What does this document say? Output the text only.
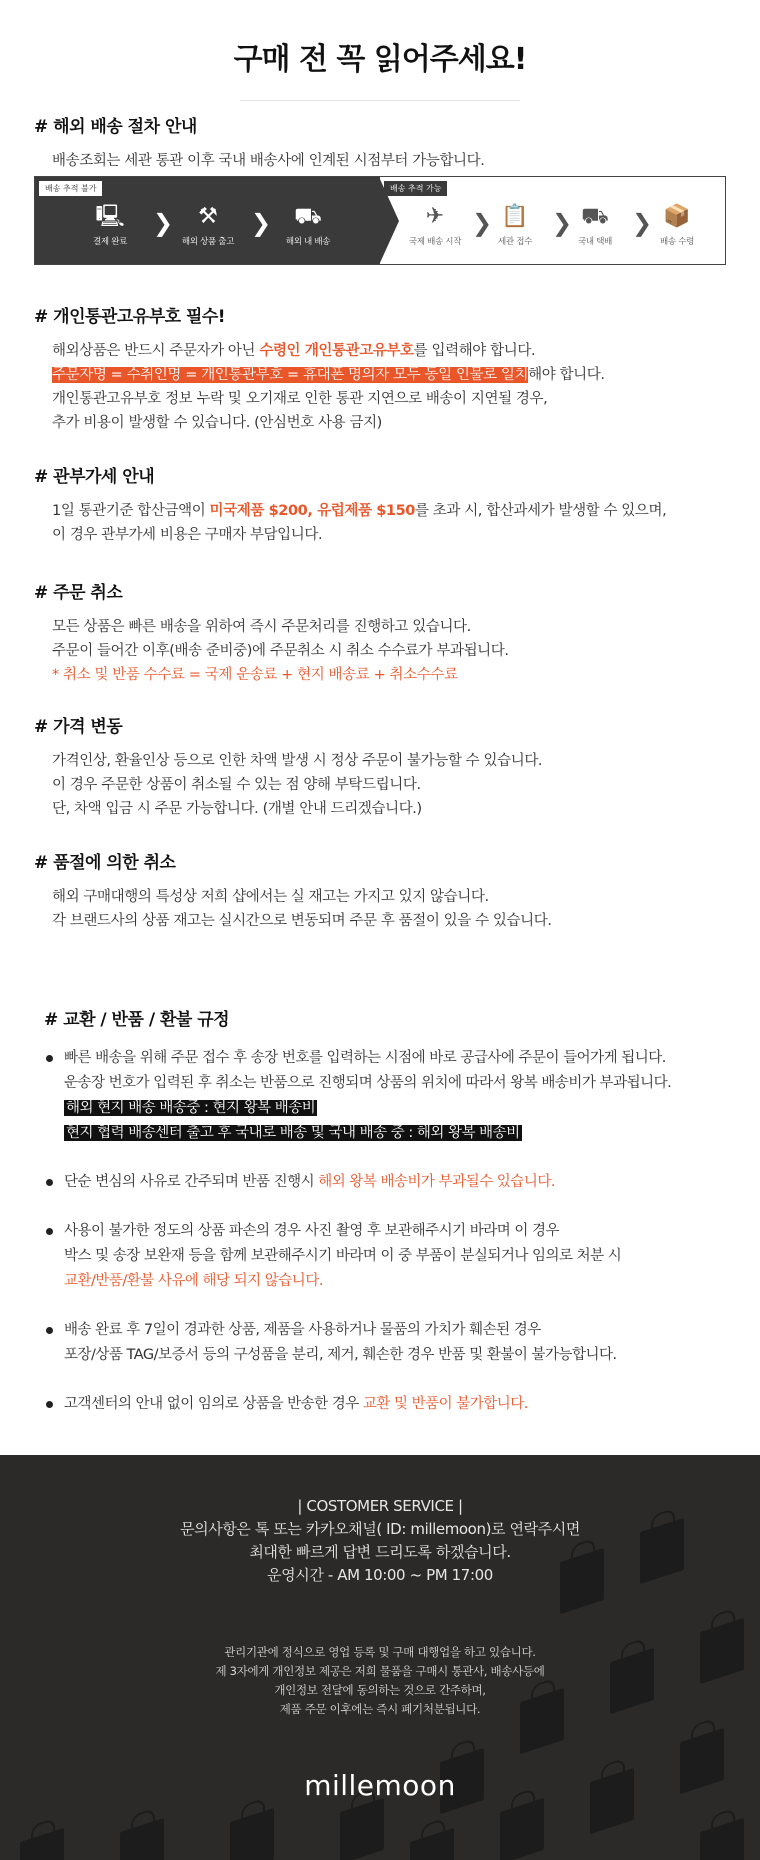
구매 전 꼭 읽어주세요!
# 해외 배송 절차 안내
배송조회는 세관 통관 이후 국내 배송사에 인계된 시점부터 가능합니다.
배송 추적 불가
🖳
결제 완료
❯	⚒
해외 상품 출고
❯	⛟
해외 내 배송
배송 추적 가능
✈
국제 배송 시작
❯ 📋
세관 접수
❯ ⛟
국내 택배
❯ 📦
배송 수령
# 개인통관고유부호 필수!
해외상품은 반드시 주문자가 아닌 수령인 개인통관고유부호를 입력해야 합니다.
주문자명 = 수취인명 = 개인통관부호 = 휴대폰 명의자 모두 동일 인물로 일치해야 합니다.
개인통관고유부호 정보 누락 및 오기재로 인한 통관 지연으로 배송이 지연될 경우,
추가 비용이 발생할 수 있습니다. (안심번호 사용 금지)
# 관부가세 안내
1일 통관기준 합산금액이 미국제품 $200, 유럽제품 $150를 초과 시, 합산과세가 발생할 수 있으며,
이 경우 관부가세 비용은 구매자 부담입니다.
# 주문 취소
모든 상품은 빠른 배송을 위하여 즉시 주문처리를 진행하고 있습니다.
주문이 들어간 이후(배송 준비중)에 주문취소 시 취소 수수료가 부과됩니다.
* 취소 및 반품 수수료 = 국제 운송료 + 현지 배송료 + 취소수수료
# 가격 변동
가격인상, 환율인상 등으로 인한 차액 발생 시 정상 주문이 불가능할 수 있습니다.
이 경우 주문한 상품이 취소될 수 있는 점 양해 부탁드립니다.
단, 차액 입금 시 주문 가능합니다. (개별 안내 드리겠습니다.)
# 품절에 의한 취소
해외 구매대행의 특성상 저희 샵에서는 실 재고는 가지고 있지 않습니다.
각 브랜드사의 상품 재고는 실시간으로 변동되며 주문 후 품절이 있을 수 있습니다.
# 교환 / 반품 / 환불 규정
빠른 배송을 위해 주문 접수 후 송장 번호를 입력하는 시점에 바로 공급사에 주문이 들어가게 됩니다.
운송장 번호가 입력된 후 취소는 반품으로 진행되며 상품의 위치에 따라서 왕복 배송비가 부과됩니다.
해외 현지 배송 배송중 : 현지 왕복 배송비
현지 협력 배송센터 출고 후 국내로 배송 및 국내 배송 중 : 해외 왕복 배송비
단순 변심의 사유로 간주되며 반품 진행시 해외 왕복 배송비가 부과될수 있습니다.
사용이 불가한 정도의 상품 파손의 경우 사진 촬영 후 보관해주시기 바라며 이 경우
박스 및 송장 보완재 등을 함께 보관해주시기 바라며 이 중 부품이 분실되거나 임의로 처분 시
교환/반품/환불 사유에 해당 되지 않습니다.
배송 완료 후 7일이 경과한 상품, 제품을 사용하거나 물품의 가치가 훼손된 경우
포장/상품 TAG/보증서 등의 구성품을 분리, 제거, 훼손한 경우 반품 및 환불이 불가능합니다.
고객센터의 안내 없이 임의로 상품을 반송한 경우 교환 및 반품이 불가합니다.
| COSTOMER SERVICE |
문의사항은 톡 또는 카카오채널( ID: millemoon)로 연락주시면
최대한 빠르게 답변 드리도록 하겠습니다.
운영시간 - AM 10:00 ~ PM 17:00
관리기관에 정식으로 영업 등록 및 구매 대행업을 하고 있습니다.
제 3자에게 개인정보 제공은 저희 물품을 구매시 통관사, 배송사등에
개인정보 전달에 동의하는 것으로 간주하며,
제품 주문 이후에는 즉시 폐기처분됩니다.
millemoon
